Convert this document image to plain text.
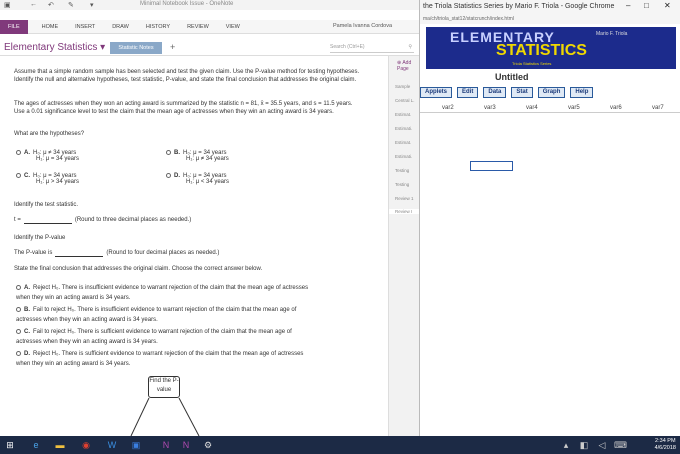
▣	← ↶ ✎ ▾	Minimal Notebook Issue - OneNote
FILE	HOME	INSERT	DRAW	HISTORY	REVIEW	VIEW	Pamela Ivanna Cordova
Elementary Statistics ▾	Statistic Notes	+	Search (Ctrl+E)	⚲
⊕ Add Page
Sample
Central L.
Estimat.
Estimati.
Estimat.
Estimati.
Testing
Testing
Review 1
Review I

Assume that a simple random sample has been selected and test the given claim. Use the P-value method for testing hypotheses. Identify the null and alternative hypotheses, test statistic, P-value, and state the final conclusion that addresses the original claim.

The ages of actresses when they won an acting award is summarized by the statistic n = 81, x̄ = 35.5 years, and s = 11.5 years. Use a 0.01 significance level to test the claim that the mean age of actresses when they win an acting award is 34 years.

What are the hypotheses?

A. H₀: μ ≠ 34 years
H₁: μ = 34 years
B. H₀: μ = 34 years
H₁: μ ≠ 34 years
C. H₀: μ = 34 years
H₁: μ > 34 years
D. H₀: μ = 34 years
H₁: μ < 34 years

Identify the test statistic.

t =	(Round to three decimal places as needed.)

Identify the P-value

The P-value is	(Round to four decimal places as needed.)

State the final conclusion that addresses the original claim. Choose the correct answer below.

A. Reject H₀. There is insufficient evidence to warrant rejection of the claim that the mean age of actresses when they win an acting award is 34 years.
B. Fail to reject H₀. There is insufficient evidence to warrant rejection of the claim that the mean age of actresses when they win an acting award is 34 years.
C. Fail to reject H₀. There is sufficient evidence to warrant rejection of the claim that the mean age of actresses when they win an acting award is 34 years.
D. Reject H₀. There is sufficient evidence to warrant rejection of the claim that the mean age of actresses when they win an acting award is 34 years.
Find the P-value
the Triola Statistics Series by Mario F. Triola - Google Chrome	– □ ✕
ma/ch/triola_stat12/statcrunch/index.html
ELEMENTARY
STATISTICS
Mario F. Triola
Triola Statistics Series
Untitled
Applets	Edit	Data	Stat	Graph	Help
var2	var3	var4	var5	var6	var7
⊞	e	▬ ◉ W ▣	N	N	⚙	▴	◧ ◁ ⌨	2:34 PM
4/6/2018
